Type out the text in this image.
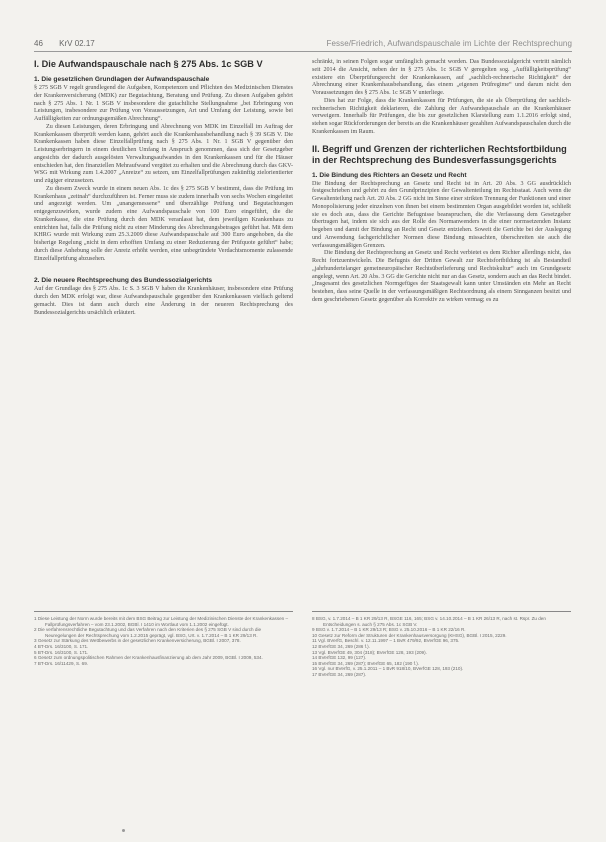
46 KrV 02.17	Fesse/Friedrich, Aufwandspauschale im Lichte der Rechtsprechung
I. Die Aufwandspauschale nach § 275 Abs. 1c SGB V
1. Die gesetzlichen Grundlagen der Aufwandspauschale

§ 275 SGB V regelt grundlegend die Aufgaben, Kompetenzen und Pflichten des Medizinischen Dienstes der Krankenversicherung (MDK) zur Begutachtung, Beratung und Prüfung. Zu diesen Aufgaben gehört nach § 275 Abs. 1 Nr. 1 SGB V insbesondere die gutachtliche Stellungnahme „bei Erbringung von Leistungen, insbesondere zur Prüfung von Voraussetzungen, Art und Umfang der Leistung, sowie bei Auffälligkeiten zur ordnungsgemäßen Abrechnung“.

Zu diesen Leistungen, deren Erbringung und Abrechnung von MDK im Einzelfall im Auftrag der Krankenkassen überprüft werden kann, gehört auch die Krankenhausbehandlung nach § 39 SGB V. Die Krankenkassen haben diese Einzelfallprüfung nach § 275 Abs. 1 Nr. 1 SGB V gegenüber den Leistungserbringern in einem deutlichen Umfang in Anspruch genommen, dass sich der Gesetzgeber angesichts der dadurch ausgelösten Verwaltungsaufwandes in den Krankenkassen und für die Häuser entschieden hat, den finanziellen Mehraufwand vergütet zu erhalten und die Abrechnung durch das GKV-WSG mit Wirkung zum 1.4.2007 „Anreize“ zu setzen, um Einzelfallprüfungen zukünftig zielorientierter und zügiger einzusetzen.

Zu diesem Zweck wurde in einem neuen Abs. 1c des § 275 SGB V bestimmt, dass die Prüfung im Krankenhaus „zeitnah“ durchzuführen ist. Ferner muss sie zudem innerhalb von sechs Wochen eingeleitet und angezeigt werden. Um „unangemessene“ und überzählige Prüfung und Begutachtungen entgegenzuwirken, wurde zudem eine Aufwandspauschale von 100 Euro eingeführt, die die Krankenkasse, die eine Prüfung durch den MDK veranlasst hat, dem jeweiligen Krankenhaus zu entrichten hat, falls die Prüfung nicht zu einer Minderung des Abrechnungsbetrages geführt hat. Mit dem KHRG wurde mit Wirkung zum 25.3.2009 diese Aufwandspauschale auf 300 Euro angehoben, da die bisherige Regelung „nicht in dem erhofften Umfang zu einer Reduzierung der Prüfquote geführt“ habe; durch diese Anhebung solle der Anreiz erhöht werden, eine unbegründete Verdachtsmomente zulassende Einzelfallprüfung abzusehen.

2. Die neuere Rechtsprechung des Bundessozialgerichts

Auf der Grundlage des § 275 Abs. 1c S. 3 SGB V haben die Krankenhäuser, insbesondere eine Prüfung durch den MDK erfolgt war, diese Aufwandspauschale gegenüber den Krankenkassen vielfach geltend gemacht. Dies ist dann auch durch eine Änderung in der neueren Rechtsprechung des Bundessozialgerichts ursächlich erläutert.

schränkt, in seinen Folgen sogar umfänglich gemacht worden. Das Bundessozialgericht vertritt nämlich seit 2014 die Ansicht, neben der in § 275 Abs. 1c SGB V geregelten sog. „Auffälligkeitsprüfung“ existiere ein Überprüfungsrecht der Krankenkassen, auf „sachlich-rechnerische Richtigkeit“ der Abrechnung einer Krankenhausbehandlung, das einem „eigenen Prüfregime“ und darum nicht den Voraussetzungen des § 275 Abs. 1c SGB V unterliege.

Dies hat zur Folge, dass die Krankenkassen für Prüfungen, die sie als Überprüfung der sachlich-rechnerischen Richtigkeit deklarieren, die Zahlung der Aufwandspauschale an die Krankenhäuser verweigern. Innerhalb für Prüfungen, die bis zur gesetzlichen Klarstellung zum 1.1.2016 erfolgt sind, stehen sogar Rückforderungen der bereits an die Krankenhäuser gezahlten Aufwandspauschalen durch die Krankenkassen im Raum.

II. Begriff und Grenzen der richterlichen Rechtsfortbildung in der Rechtsprechung des Bundesverfassungsgerichts
1. Die Bindung des Richters an Gesetz und Recht

Die Bindung der Rechtsprechung an Gesetz und Recht ist in Art. 20 Abs. 3 GG ausdrücklich festgeschrieben und gehört zu den Grundprinzipien der Gewaltenteilung im Rechtsstaat. Auch wenn die Gewaltenteilung nach Art. 20 Abs. 2 GG nicht im Sinne einer strikten Trennung der Funktionen und einer Monopolisierung jeder einzelnen von ihnen bei einem bestimmten Organ ausgebildet worden ist, schließt sie es doch aus, dass die Gerichte Befugnisse beanspruchen, die die Verfassung dem Gesetzgeber übertragen hat, indem sie sich aus der Rolle des Normanwenders in die einer normsetzenden Instanz begeben und damit der Bindung an Recht und Gesetz entziehen. Soweit die Gerichte bei der Auslegung und Anwendung fachgerichtlicher Normen diese Bindung missachten, überschreiten sie auch die verfassungsmäßigen Grenzen.

Die Bindung der Rechtsprechung an Gesetz und Recht verbietet es dem Richter allerdings nicht, das Recht fortzuentwickeln. Die Befugnis der Dritten Gewalt zur Rechtsfortbildung ist als Bestandteil „jahrhundertelanger gemeineuropäischer Rechtsüberlieferung und Rechtskultur“ auch im Grundgesetz angelegt, wenn Art. 20 Abs. 3 GG die Gerichte nicht nur an das Gesetz, sondern auch an das Recht bindet. „Insgesamt des gesetzlichen Normgefüges der Staatsgewalt kann unter Umständen ein Mehr an Recht bestehen, dass seine Quelle in der verfassungsmäßigen Rechtsordnung als einem Sinnganzen besitzt und dem geschriebenen Gesetz gegenüber als Korrektiv zu wirken vermag; es zu

1 Diese Leistung der Norm wurde bereits mit dem BSG Beitrag zur Leistung der Medizinischen Dienste der Krankenkassen – Fallprüfungsverfahren – vom 23.1.2002, BGBl. I 1410 im Wortlaut vom 1.1.2002 eingefügt.

2 Die verfahrensrechtliche Begutachtung und das Verfahren nach den Kriterien des § 275 SGB V sind durch die Neuregelungen der Rechtsprechung vom 1.2.2015 geprägt, vgl. BSG, Urt. v. 1.7.2014 – B 1 KR 29/13 R.

3 Gesetz zur Stärkung des Wettbewerbs in der gesetzlichen Krankenversicherung, BGBl. I 2007, 378.

4 BT-Drs. 16/3100, S. 171.

5 BT-Drs. 16/3100, S. 171.

6 Gesetz zum ordnungspolitischen Rahmen der Krankenhausfinanzierung ab dem Jahr 2009, BGBl. I 2009, 534.

7 BT-Drs. 16/11429, S. 69.

8 BSG, v. 1.7.2014 – B 1 KR 29/13 R, BSGE 116, 165; BSG v. 14.10.2014 – B 1 KR 26/13 R, nach st. Rspr. Zu den Entscheidungen s. auch § 275 Abs. 1c SGB V.

9 BSG v. 1.7.2014 – B 1 KR 29/13 R; BSG v. 25.10.2016 – B 1 KR 22/16 R.

10 Gesetz zur Reform der Strukturen der Krankenhausversorgung (KHSG), BGBl. I 2015, 2229.

11 Vgl. BVerfG, Beschl. v. 12.11.1997 – 1 BvR 479/92, BVerfGE 96, 375.

12 BVerfGE 34, 269 (286 f.).

13 Vgl. BVerfGE 49, 304 (318); BVerfGE 128, 193 (209).

14 BVerfGE 132, 99 (127).

15 BVerfGE 34, 269 (287); BVerfGE 65, 182 (190 f.).

16 Vgl. nur BVerfG, v. 25.1.2011 – 1 BvR 918/10, BVerfGE 128, 193 (210).

17 BVerfGE 34, 269 (287).
